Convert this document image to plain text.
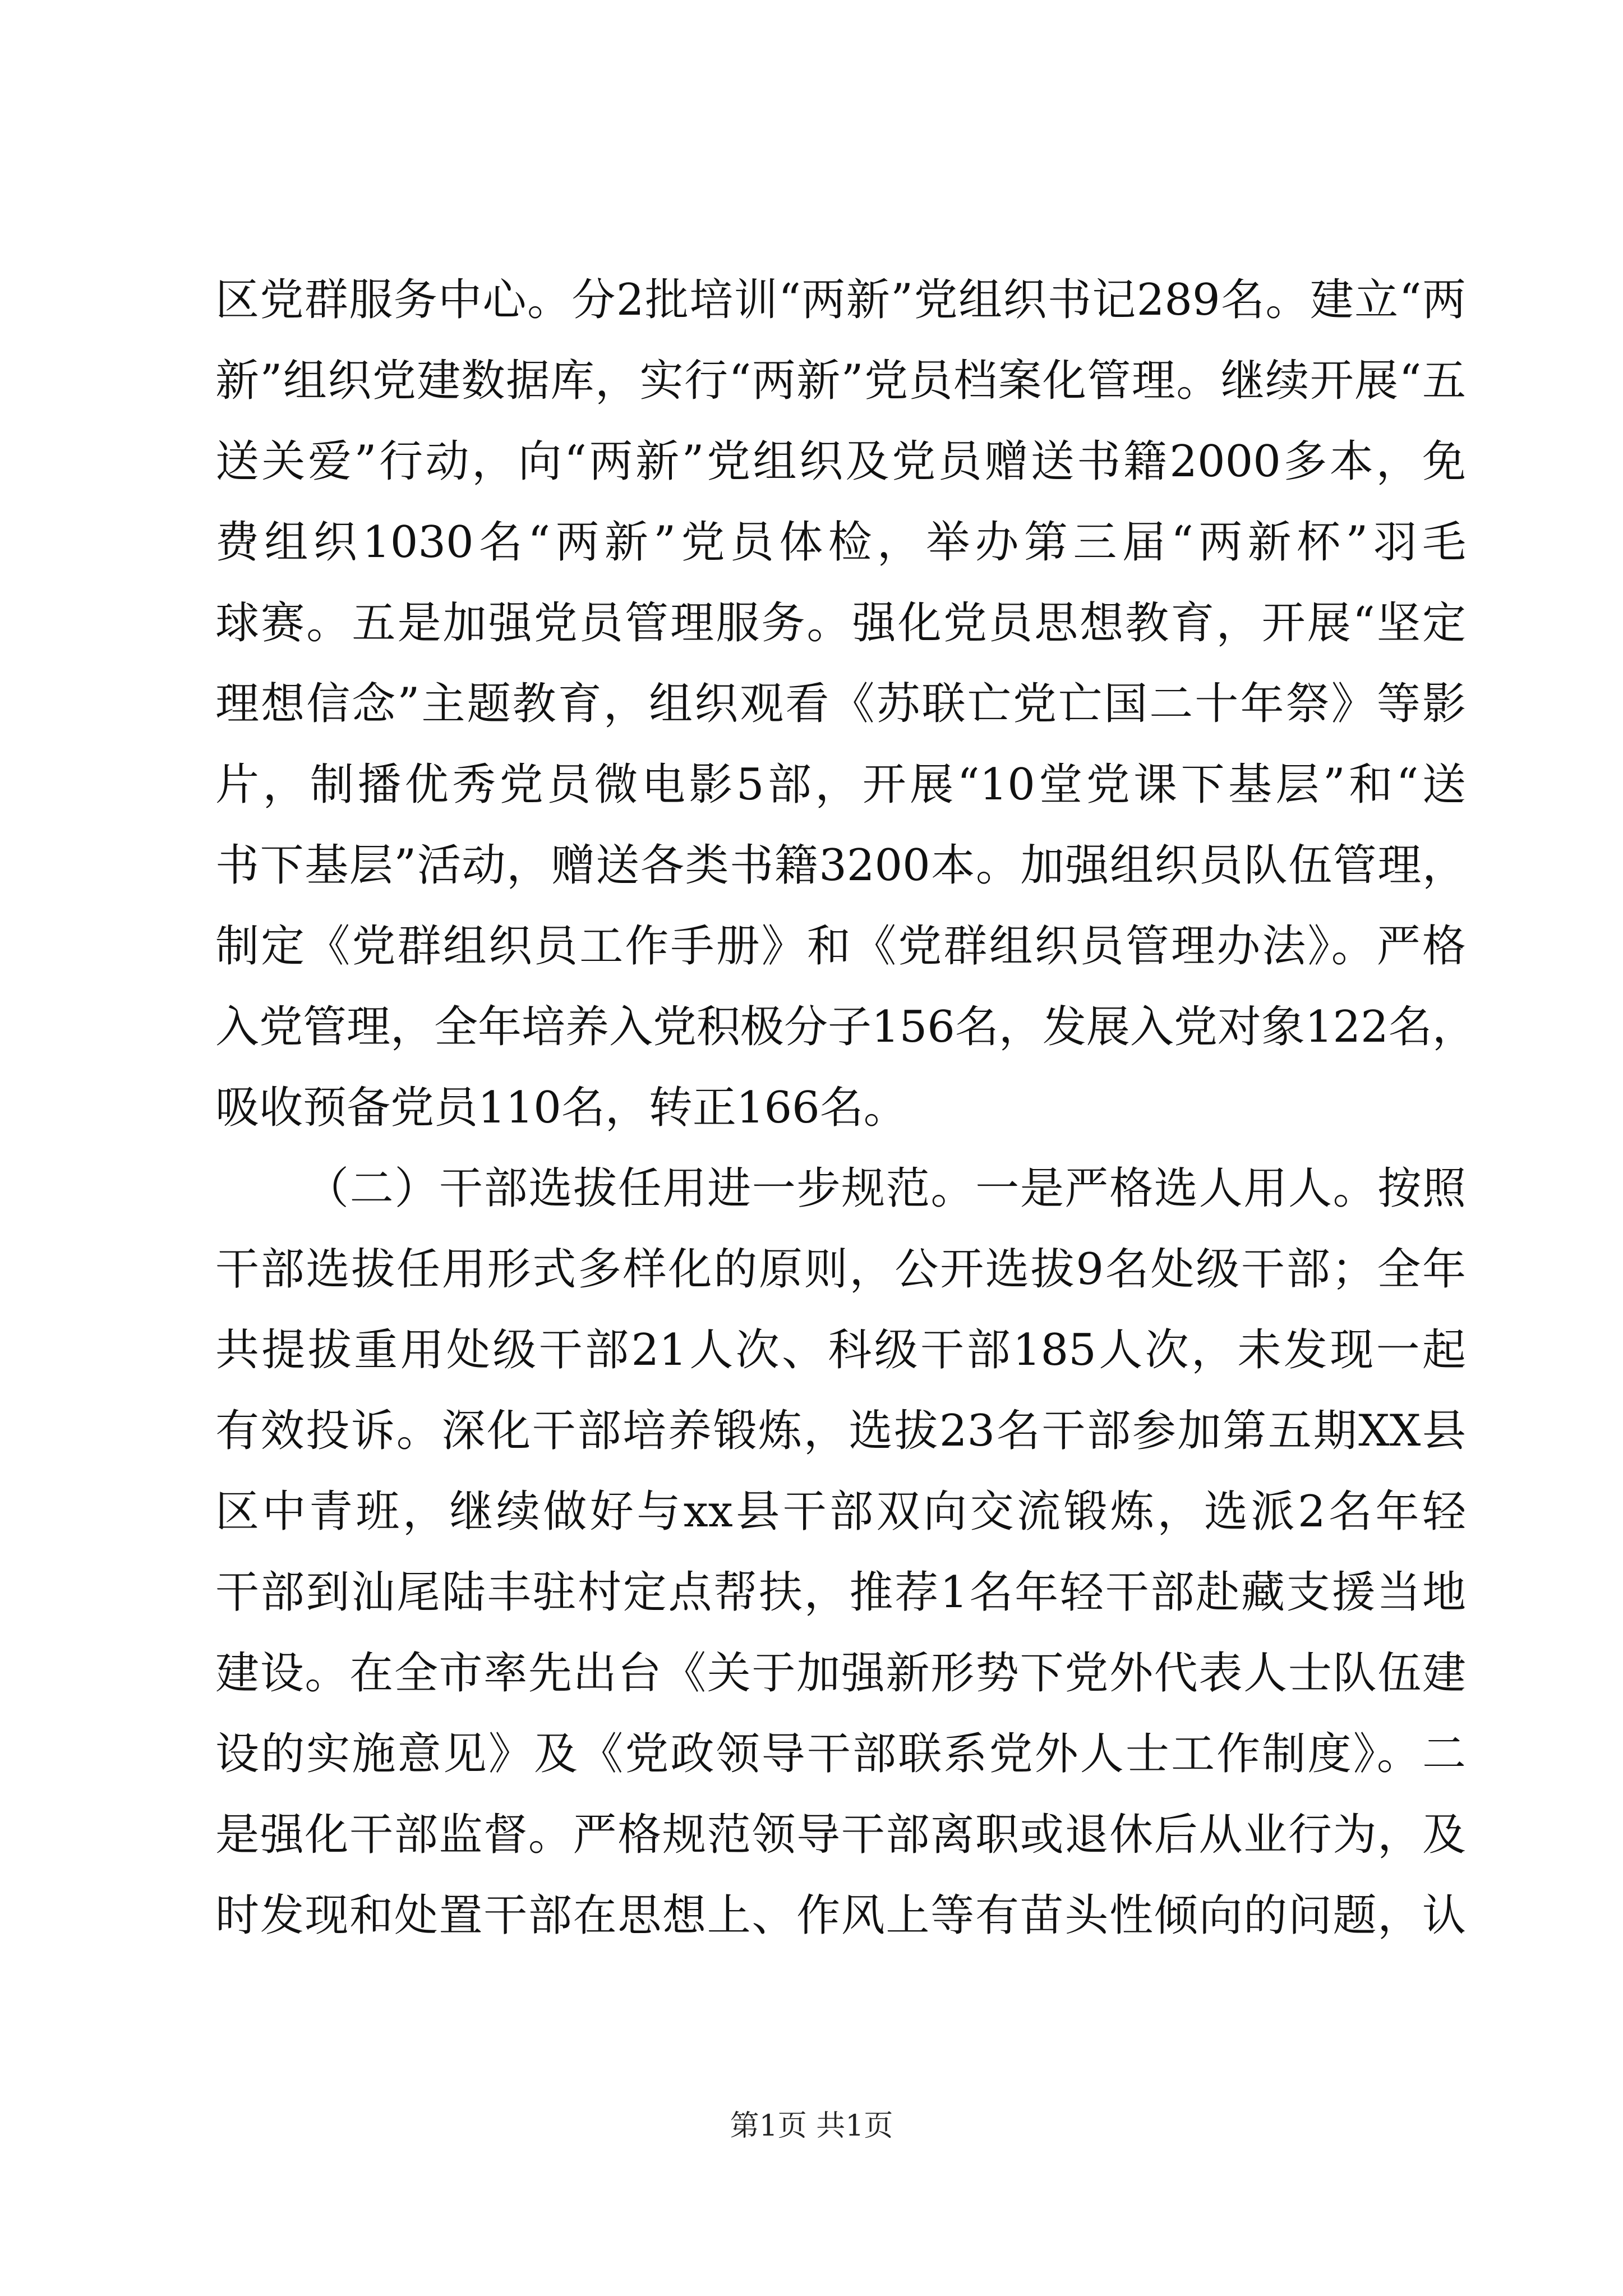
区党群服务中心。分2批培训“两新”党组织书记289名。建立“两
新”组织党建数据库，实行“两新”党员档案化管理。继续开展“五
送关爱”行动，向“两新”党组织及党员赠送书籍2000多本，免
费组织1030名“两新”党员体检，举办第三届“两新杯”羽毛
球赛。五是加强党员管理服务。强化党员思想教育，开展“坚定
理想信念”主题教育，组织观看《苏联亡党亡国二十年祭》等影
片，制播优秀党员微电影5部，开展“10堂党课下基层”和“送
书下基层”活动，赠送各类书籍3200本。加强组织员队伍管理，
制定《党群组织员工作手册》和《党群组织员管理办法》。严格
入党管理，全年培养入党积极分子156名，发展入党对象122名，
吸收预备党员110名，转正166名。
（二）干部选拔任用进一步规范。一是严格选人用人。按照
干部选拔任用形式多样化的原则，公开选拔9名处级干部；全年
共提拔重用处级干部21人次、科级干部185人次，未发现一起
有效投诉。深化干部培养锻炼，选拔23名干部参加第五期XX县
区中青班，继续做好与xx县干部双向交流锻炼，选派2名年轻
干部到汕尾陆丰驻村定点帮扶，推荐1名年轻干部赴藏支援当地
建设。在全市率先出台《关于加强新形势下党外代表人士队伍建
设的实施意见》及《党政领导干部联系党外人士工作制度》。二
是强化干部监督。严格规范领导干部离职或退休后从业行为，及
时发现和处置干部在思想上、作风上等有苗头性倾向的问题，认
第1页 共1页
